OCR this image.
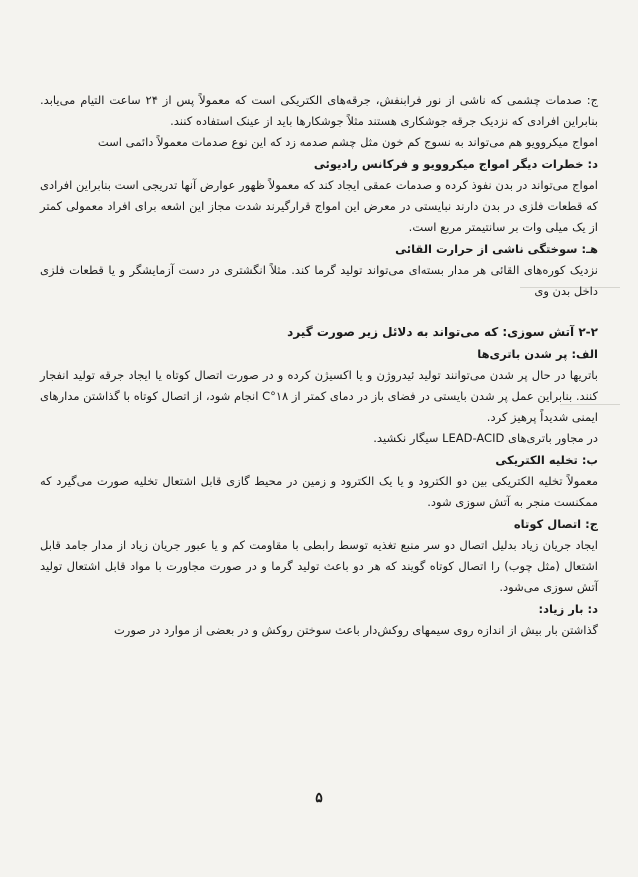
ج: صدمات چشمی که ناشی از نور فرابنفش، جرقه‌های الکتریکی است که معمولاً پس از ۲۴ ساعت التیام می‌یابد. بنابراین افرادی که نزدیک جرقه جوشکاری هستند مثلاً جوشکارها باید از عینک استفاده کنند.

امواج میکروویو هم می‌تواند به نسوج کم خون مثل چشم صدمه زد که این نوع صدمات معمولاً دائمی است

د: خطرات دیگر امواج میکروویو و فرکانس رادیوئی

امواج می‌تواند در بدن نفوذ کرده و صدمات عمقی ایجاد کند که معمولاً ظهور عوارض آنها تدریجی است بنابراین افرادی که قطعات فلزی در بدن دارند نبایستی در معرض این امواج قرارگیرند شدت مجاز این اشعه برای افراد معمولی کمتر از یک میلی وات بر سانتیمتر مربع است.

هـ: سوختگی ناشی از حرارت القائی

نزدیک کوره‌های القائی هر مدار بسته‌ای می‌تواند تولید گرما کند. مثلاً انگشتری در دست آزمایشگر و یا قطعات فلزی داخل بدن وی

۲-۲ آتش سوزی: که می‌تواند به دلائل زیر صورت گیرد

الف: پر شدن باتری‌ها

باتریها در حال پر شدن می‌توانند تولید ئیدروژن و یا اکسیژن کرده و در صورت اتصال کوتاه یا ایجاد جرقه تولید انفجار کنند. بنابراین عمل پر شدن بایستی در فضای باز در دمای کمتر از ۱۸°C انجام شود، از اتصال کوتاه با گذاشتن مدارهای ایمنی شدیداً پرهیز کرد.

در مجاور باتری‌های LEAD-ACID سیگار نکشید.

ب: تخلیه الکتریکی

معمولاً تخلیه الکتریکی بین دو الکترود و یا یک الکترود و زمین در محیط گازی قابل اشتعال تخلیه صورت می‌گیرد که ممکنست منجر به آتش سوزی شود.

ج: اتصال کوتاه

ایجاد جریان زیاد بدلیل اتصال دو سر منبع تغذیه توسط رابطی با مقاومت کم و یا عبور جریان زیاد از مدار جامد قابل اشتعال (مثل چوب) را اتصال کوتاه گویند که هر دو باعث تولید گرما و در صورت مجاورت با مواد قابل اشتعال تولید آتش سوزی می‌شود.

د: بار زیاد:

گذاشتن بار بیش از اندازه روی سیمهای روکش‌دار باعث سوختن روکش و در بعضی از موارد در صورت

۵
